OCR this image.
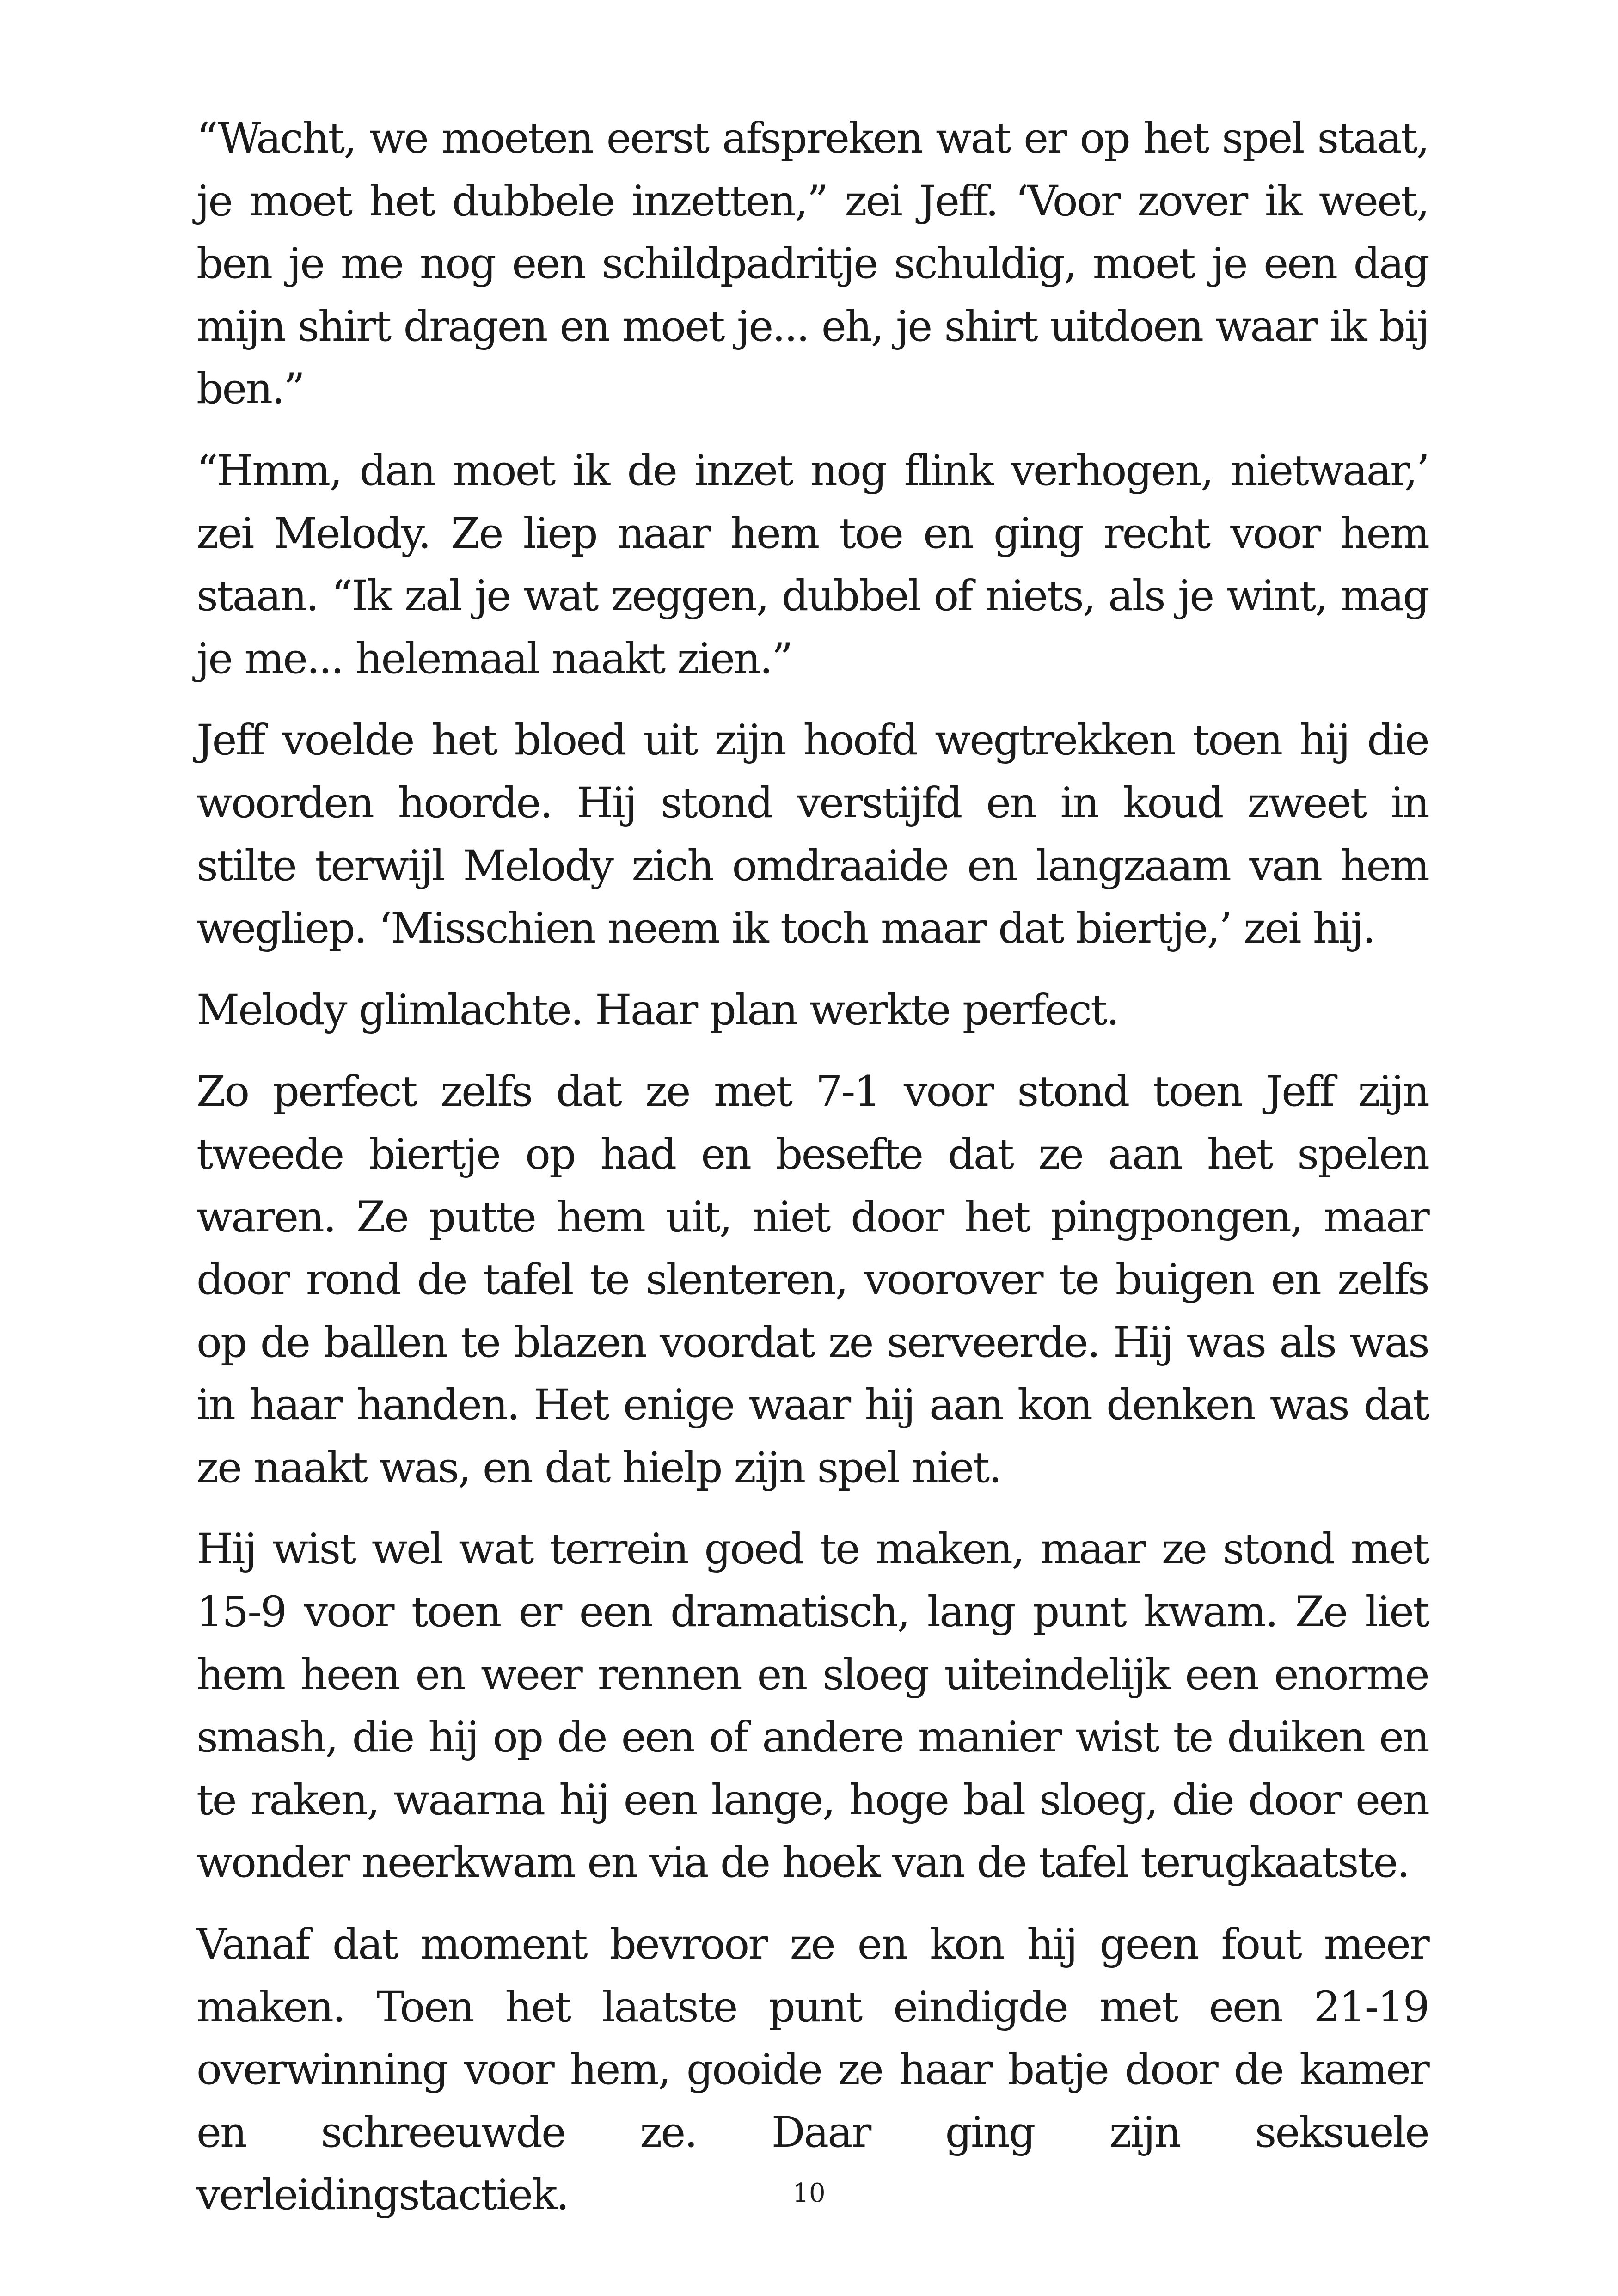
“Wacht, we moeten eerst afspreken wat er op het spel staat, je moet het dubbele inzetten,” zei Jeff. ‘Voor zover ik weet, ben je me nog een schildpadritje schuldig, moet je een dag mijn shirt dragen en moet je... eh, je shirt uitdoen waar ik bij ben.”

“Hmm, dan moet ik de inzet nog flink verhogen, nietwaar,’ zei Melody. Ze liep naar hem toe en ging recht voor hem staan. “Ik zal je wat zeggen, dubbel of niets, als je wint, mag je me... helemaal naakt zien.”

Jeff voelde het bloed uit zijn hoofd wegtrekken toen hij die woorden hoorde. Hij stond verstijfd en in koud zweet in stilte terwijl Melody zich omdraaide en langzaam van hem wegliep. ‘Misschien neem ik toch maar dat biertje,’ zei hij.

Melody glimlachte. Haar plan werkte perfect.

Zo perfect zelfs dat ze met 7-1 voor stond toen Jeff zijn tweede biertje op had en besefte dat ze aan het spelen waren. Ze putte hem uit, niet door het pingpongen, maar door rond de tafel te slenteren, voorover te buigen en zelfs op de ballen te blazen voordat ze serveerde. Hij was als was in haar handen. Het enige waar hij aan kon denken was dat ze naakt was, en dat hielp zijn spel niet.

Hij wist wel wat terrein goed te maken, maar ze stond met 15-9 voor toen er een dramatisch, lang punt kwam. Ze liet hem heen en weer rennen en sloeg uiteindelijk een enorme smash, die hij op de een of andere manier wist te duiken en te raken, waarna hij een lange, hoge bal sloeg, die door een wonder neerkwam en via de hoek van de tafel terugkaatste.

Vanaf dat moment bevroor ze en kon hij geen fout meer maken. Toen het laatste punt eindigde met een 21-19 overwinning voor hem, gooide ze haar batje door de kamer en schreeuwde ze. Daar ging zijn seksuele verleidingstactiek.	10
